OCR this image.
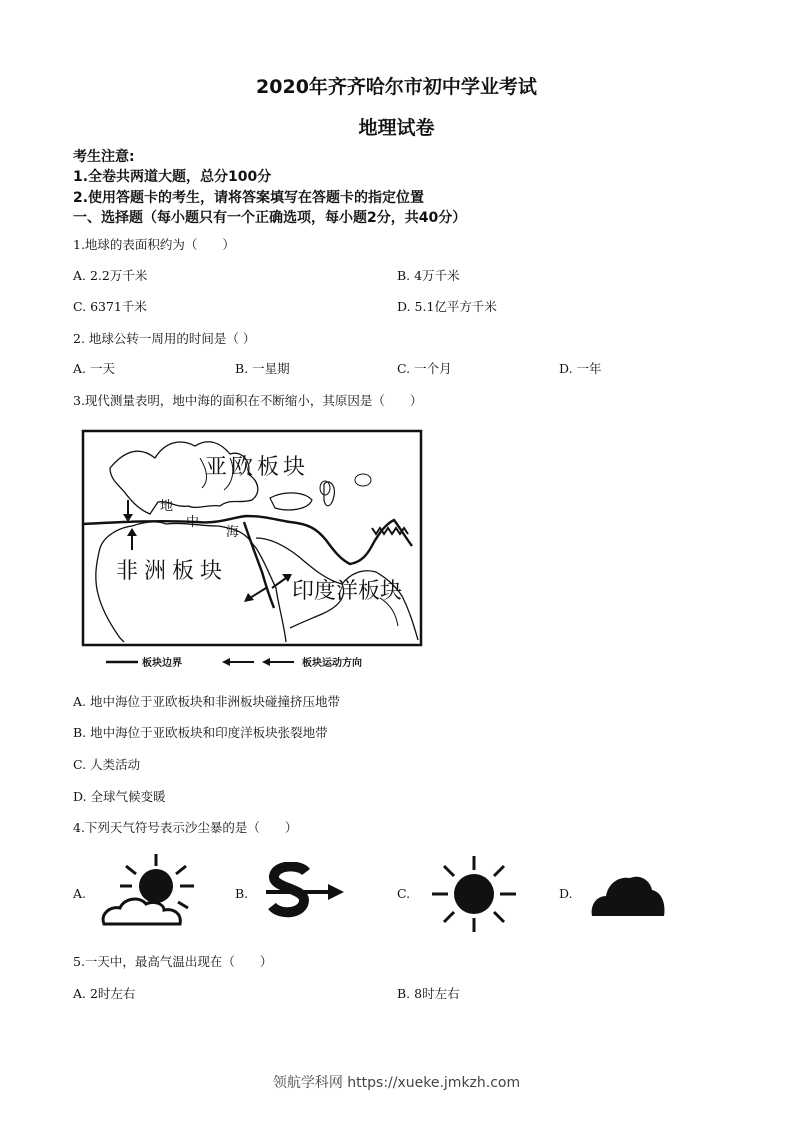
2020年齐齐哈尔市初中学业考试
地理试卷
考生注意:
1.全卷共两道大题，总分100分
2.使用答题卡的考生，请将答案填写在答题卡的指定位置
一、选择题（每小题只有一个正确选项，每小题2分，共40分）
1.地球的表面积约为（　　）
A. 2.2万千米	B. 4万千米
C. 6371千米	D. 5.1亿平方千米
2. 地球公转一周用的时间是（ ）
A. 一天	B. 一星期	C. 一个月	D. 一年
3.现代测量表明，地中海的面积在不断缩小，其原因是（　　）
亚欧板块
地
中
海
非洲板块
印度洋板块
板块边界	板块运动方向
A. 地中海位于亚欧板块和非洲板块碰撞挤压地带
B. 地中海位于亚欧板块和印度洋板块张裂地带
C. 人类活动
D. 全球气候变暖
4.下列天气符号表示沙尘暴的是（　　）
A.	B.	C.	D.
5.一天中，最高气温出现在（　　）
A. 2时左右	B. 8时左右
领航学科网 https://xueke.jmkzh.com
